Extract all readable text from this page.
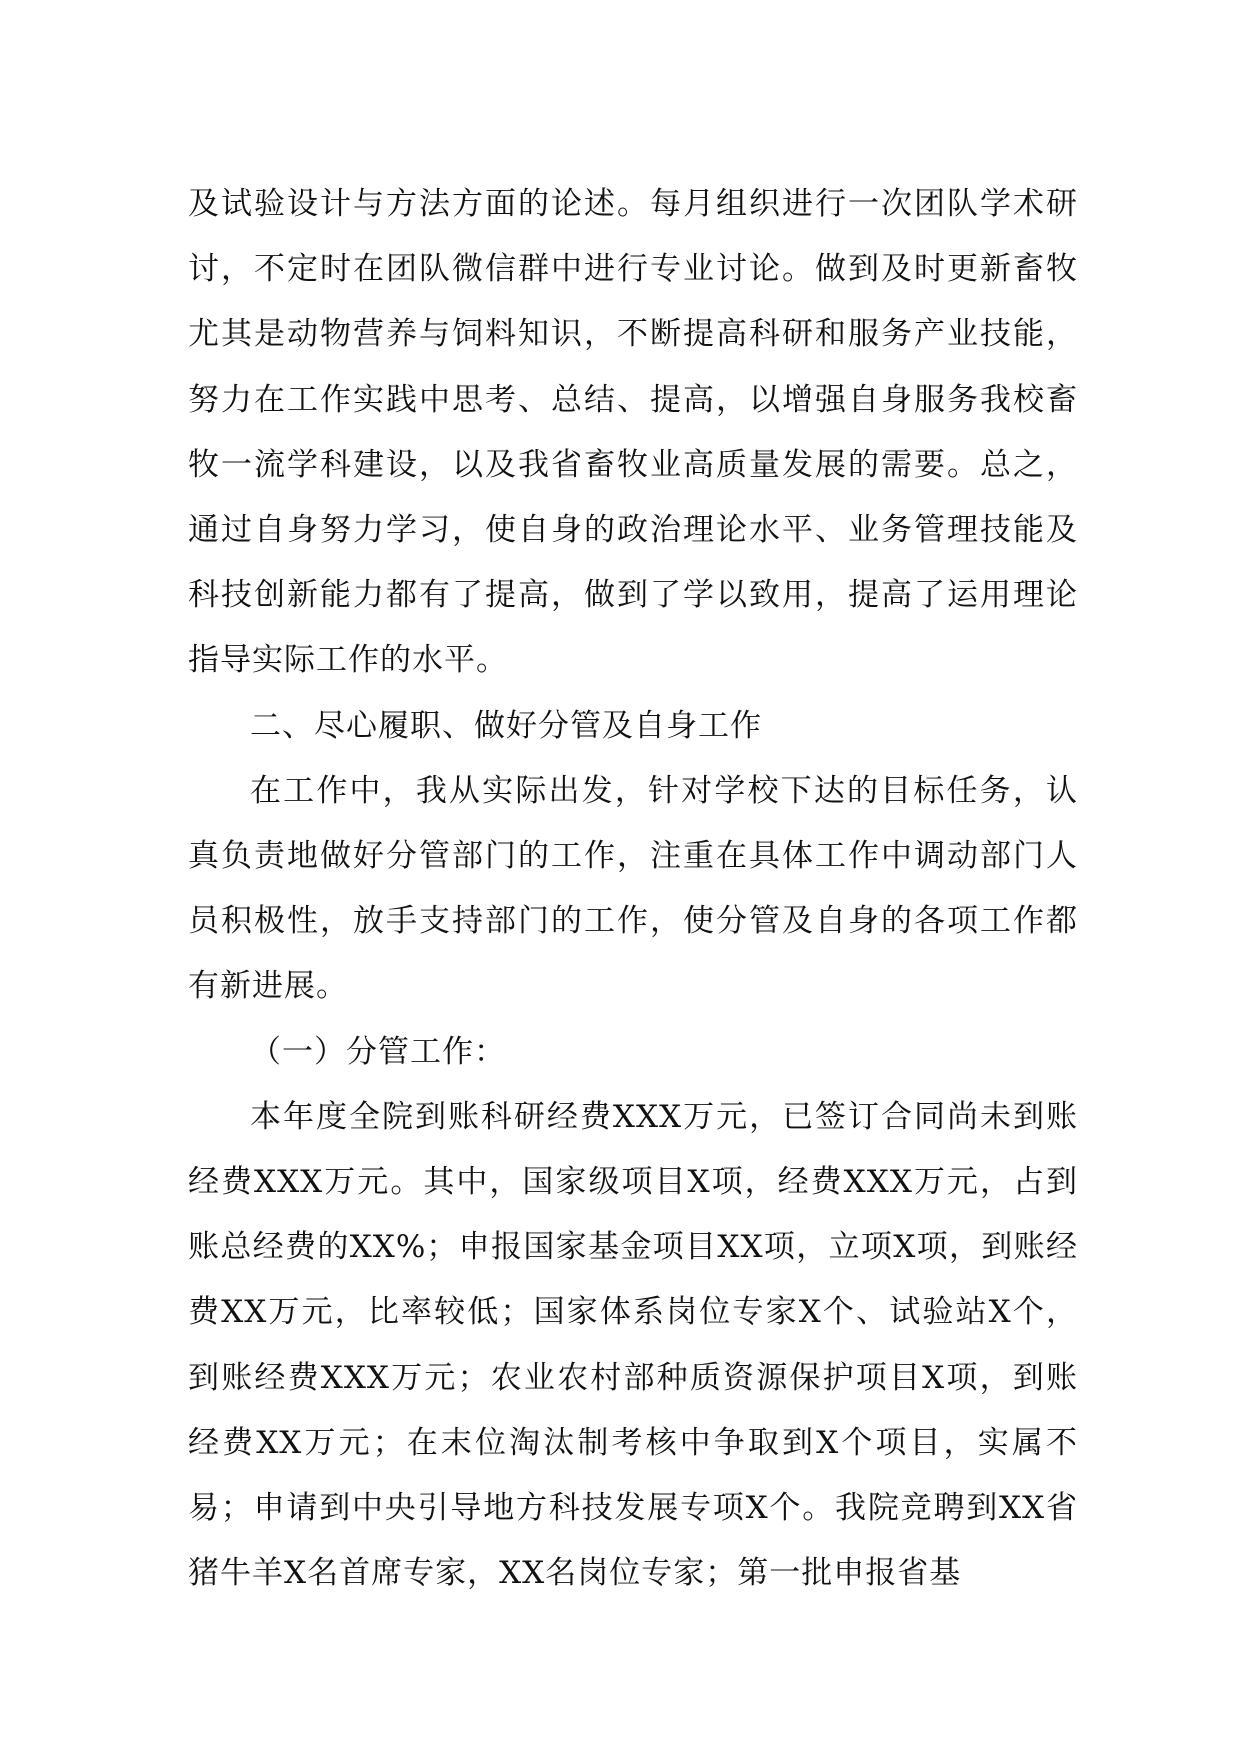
及试验设计与方法方面的论述。每月组织进行一次团队学术研讨，不定时在团队微信群中进行专业讨论。做到及时更新畜牧尤其是动物营养与饲料知识，不断提高科研和服务产业技能，努力在工作实践中思考、总结、提高，以增强自身服务我校畜牧一流学科建设，以及我省畜牧业高质量发展的需要。总之，通过自身努力学习，使自身的政治理论水平、业务管理技能及科技创新能力都有了提高，做到了学以致用，提高了运用理论指导实际工作的水平。

二、尽心履职、做好分管及自身工作

在工作中，我从实际出发，针对学校下达的目标任务，认真负责地做好分管部门的工作，注重在具体工作中调动部门人员积极性，放手支持部门的工作，使分管及自身的各项工作都有新进展。

（一）分管工作：

本年度全院到账科研经费XXX万元，已签订合同尚未到账经费XXX万元。其中，国家级项目X项，经费XXX万元，占到账总经费的XX%；申报国家基金项目XX项，立项X项，到账经费XX万元，比率较低；国家体系岗位专家X个、试验站X个，到账经费XXX万元；农业农村部种质资源保护项目X项，到账经费XX万元；在末位淘汰制考核中争取到X个项目，实属不易；申请到中央引导地方科技发展专项X个。我院竞聘到XX省猪牛羊X名首席专家，XX名岗位专家；第一批申报省基
